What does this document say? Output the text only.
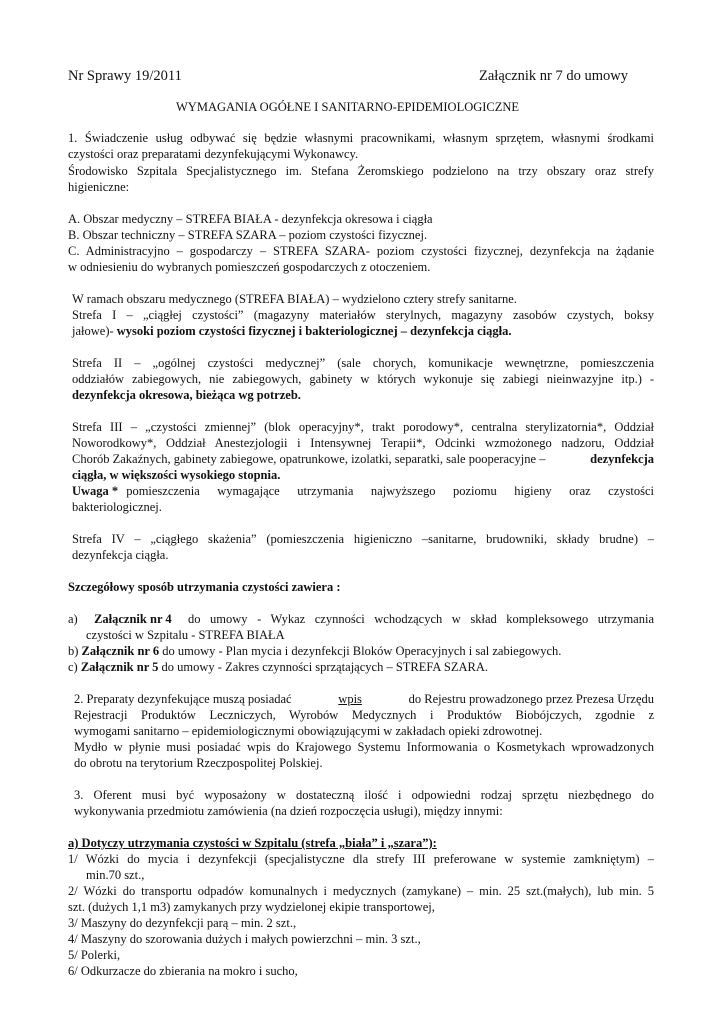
Nr Sprawy 19/2011	Załącznik nr 7 do umowy
WYMAGANIA OGÓŁNE I SANITARNO-EPIDEMIOLOGICZNE
1. Świadczenie usług odbywać się będzie własnymi pracownikami, własnym sprzętem, własnymi środkami
czystości oraz preparatami dezynfekującymi Wykonawcy.
Środowisko Szpitala Specjalistycznego im. Stefana Żeromskiego podzielono na trzy obszary oraz strefy
higieniczne:
A. Obszar medyczny – STREFA BIAŁA - dezynfekcja okresowa i ciągła
B. Obszar techniczny – STREFA SZARA – poziom czystości fizycznej.
C. Administracyjno – gospodarczy – STREFA SZARA- poziom czystości fizycznej, dezynfekcja na żądanie
w odniesieniu do wybranych pomieszczeń gospodarczych z otoczeniem.
W ramach obszaru medycznego (STREFA BIAŁA) – wydzielono cztery strefy sanitarne.
Strefa I – „ciągłej czystości” (magazyny materiałów sterylnych, magazyny zasobów czystych, boksy
jałowe)- wysoki poziom czystości fizycznej i bakteriologicznej – dezynfekcja ciągła.
Strefa II – „ogólnej czystości medycznej” (sale chorych, komunikacje wewnętrzne, pomieszczenia
oddziałów zabiegowych, nie zabiegowych, gabinety w których wykonuje się zabiegi nieinwazyjne itp.) -
dezynfekcja okresowa, bieżąca wg potrzeb.
Strefa III – „czystości zmiennej” (blok operacyjny*, trakt porodowy*, centralna sterylizatornia*, Oddział
Noworodkowy*, Oddział Anestezjologii i Intensywnej Terapii*, Odcinki wzmożonego nadzoru, Oddział
Chorób Zakaźnych, gabinety zabiegowe, opatrunkowe, izolatki, separatki, sale pooperacyjne –	dezynfekcja
ciągła, w większości wysokiego stopnia.
Uwaga * pomieszczenia wymagające utrzymania najwyższego poziomu higieny oraz czystości
bakteriologicznej.
Strefa IV – „ciągłego skażenia” (pomieszczenia higieniczno –sanitarne, brudowniki, składy brudne) –
dezynfekcja ciągła.
Szczegółowy sposób utrzymania czystości zawiera :
a) Załącznik nr 4 do umowy - Wykaz czynności wchodzących w skład kompleksowego utrzymania
czystości w Szpitalu - STREFA BIAŁA
b) Załącznik nr 6 do umowy - Plan mycia i dezynfekcji Bloków Operacyjnych i sal zabiegowych.
c) Załącznik nr 5 do umowy - Zakres czynności sprzątających – STREFA SZARA.
2. Preparaty dezynfekujące muszą posiadać	wpis	do Rejestru prowadzonego przez Prezesa Urzędu
Rejestracji Produktów Leczniczych, Wyrobów Medycznych i Produktów Biobójczych, zgodnie z
wymogami sanitarno – epidemiologicznymi obowiązującymi w zakładach opieki zdrowotnej.
Mydło w płynie musi posiadać wpis do Krajowego Systemu Informowania o Kosmetykach wprowadzonych
do obrotu na terytorium Rzeczpospolitej Polskiej.
3. Oferent musi być wyposażony w dostateczną ilość i odpowiedni rodzaj sprzętu niezbędnego do
wykonywania przedmiotu zamówienia (na dzień rozpoczęcia usługi), między innymi:
a) Dotyczy utrzymania czystości w Szpitalu (strefa „biała” i „szara”):
1/ Wózki do mycia i dezynfekcji (specjalistyczne dla strefy III preferowane w systemie zamkniętym) –
min.70 szt.,
2/ Wózki do transportu odpadów komunalnych i medycznych (zamykane) – min. 25 szt.(małych), lub min. 5
szt. (dużych 1,1 m3) zamykanych przy wydzielonej ekipie transportowej,
3/ Maszyny do dezynfekcji parą – min. 2 szt.,
4/ Maszyny do szorowania dużych i małych powierzchni – min. 3 szt.,
5/ Polerki,
6/ Odkurzacze do zbierania na mokro i sucho,
